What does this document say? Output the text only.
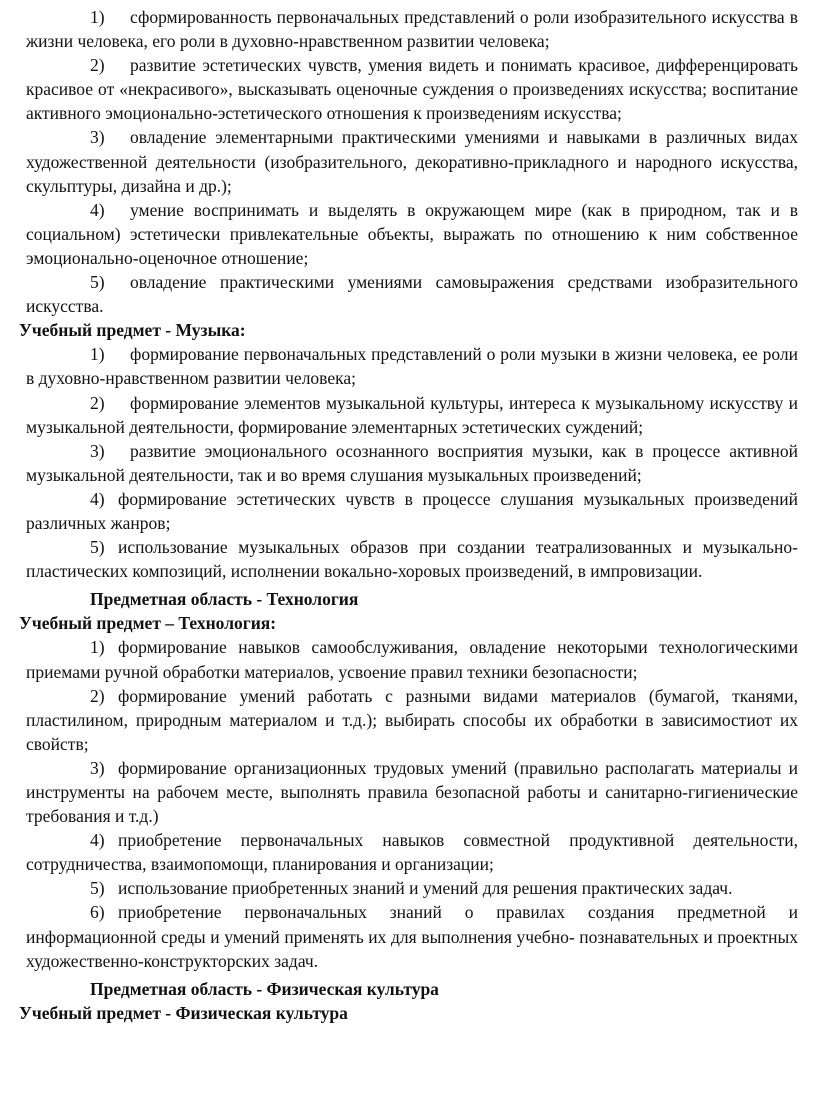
1) сформированность первоначальных представлений о роли изобразительного искусства в жизни человека, его роли в духовно-нравственном развитии человека;

2) развитие эстетических чувств, умения видеть и понимать красивое, дифференцировать красивое от «некрасивого», высказывать оценочные суждения о произведениях искусства; воспитание активного эмоционально-эстетического отношения к произведениям искусства;

3) овладение элементарными практическими умениями и навыками в различных видах художественной деятельности (изобразительного, декоративно-прикладного и народного искусства, скульптуры, дизайна и др.);

4) умение воспринимать и выделять в окружающем мире (как в природном, так и в социальном) эстетически привлекательные объекты, выражать по отношению к ним собственное эмоционально-оценочное отношение;

5) овладение практическими умениями самовыражения средствами изобразительного искусства.

Учебный предмет - Музыка:

1) формирование первоначальных представлений о роли музыки в жизни человека, ее роли в духовно-нравственном развитии человека;

2) формирование элементов музыкальной культуры, интереса к музыкальному искусству и музыкальной деятельности, формирование элементарных эстетических суждений;

3) развитие эмоционального осознанного восприятия музыки, как в процессе активной музыкальной деятельности, так и во время слушания музыкальных произведений;

4) формирование эстетических чувств в процессе слушания музыкальных произведений различных жанров;

5) использование музыкальных образов при создании театрализованных и музыкально-пластических композиций, исполнении вокально-хоровых произведений, в импровизации.

Предметная область - Технология

Учебный предмет – Технология:

1) формирование навыков самообслуживания, овладение некоторыми технологическими приемами ручной обработки материалов, усвоение правил техники безопасности;

2) формирование умений работать с разными видами материалов (бумагой, тканями, пластилином, природным материалом и т.д.); выбирать способы их обработки в зависимостиот их свойств;

3) формирование организационных трудовых умений (правильно располагать материалы и инструменты на рабочем месте, выполнять правила безопасной работы и санитарно-гигиенические требования и т.д.)

4) приобретение первоначальных навыков совместной продуктивной деятельности, сотрудничества, взаимопомощи, планирования и организации;

5) использование приобретенных знаний и умений для решения практических задач.

6) приобретение первоначальных знаний о правилах создания предметной и информационной среды и умений применять их для выполнения учебно- познавательных и проектных художественно-конструкторских задач.

Предметная область - Физическая культура

Учебный предмет - Физическая культура
